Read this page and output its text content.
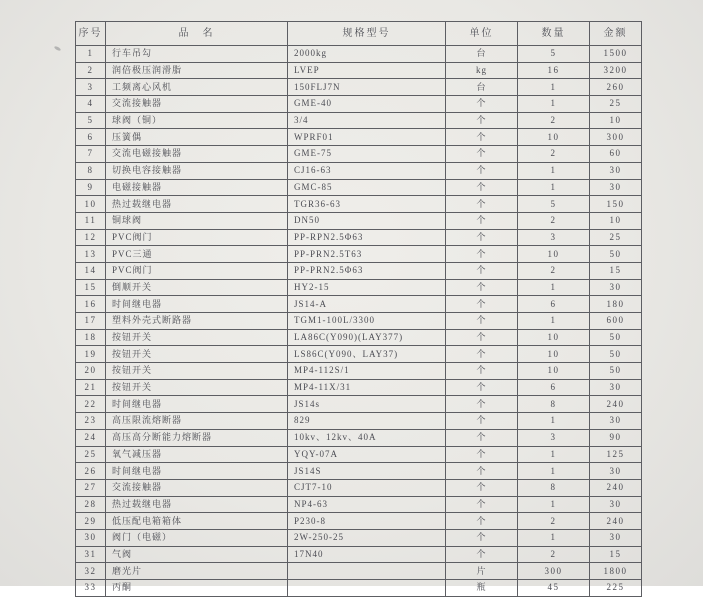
序号	品　名	规格型号	单位	数量	金额
1	行车吊勾	2000kg	台	5	1500
2	润倍极压润滑脂	LVEP	kg	16	3200
3	工频离心风机	150FLJ7N	台	1	260
4	交流接触器	GME-40	个	1	25
5	球阀（铜）	3/4	个	2	10
6	压簧偶	WPRF01	个	10	300
7	交流电磁接触器	GME-75	个	2	60
8	切换电容接触器	CJ16-63	个	1	30
9	电磁接触器	GMC-85	个	1	30
10	热过载继电器	TGR36-63	个	5	150
11	铜球阀	DN50	个	2	10
12	PVC阀门	PP-RPN2.5Φ63	个	3	25
13	PVC三通	PP-PRN2.5T63	个	10	50
14	PVC阀门	PP-PRN2.5Φ63	个	2	15
15	倒顺开关	HY2-15	个	1	30
16	时间继电器	JS14-A	个	6	180
17	塑料外壳式断路器	TGM1-100L/3300	个	1	600
18	按钮开关	LA86C(Y090)(LAY377)	个	10	50
19	按钮开关	LS86C(Y090、LAY37)	个	10	50
20	按钮开关	MP4-112S/1	个	10	50
21	按钮开关	MP4-11X/31	个	6	30
22	时间继电器	JS14s	个	8	240
23	高压限流熔断器	829	个	1	30
24	高压高分断能力熔断器	10kv、12kv、40A	个	3	90
25	氧气减压器	YQY-07A	个	1	125
26	时间继电器	JS14S	个	1	30
27	交流接触器	CJT7-10	个	8	240
28	热过载继电器	NP4-63	个	1	30
29	低压配电箱箱体	P230-8	个	2	240
30	阀门（电磁）	2W-250-25	个	1	30
31	气阀	17N40	个	2	15
32	磨光片		片	300	1800
33	丙酮		瓶	45	225
